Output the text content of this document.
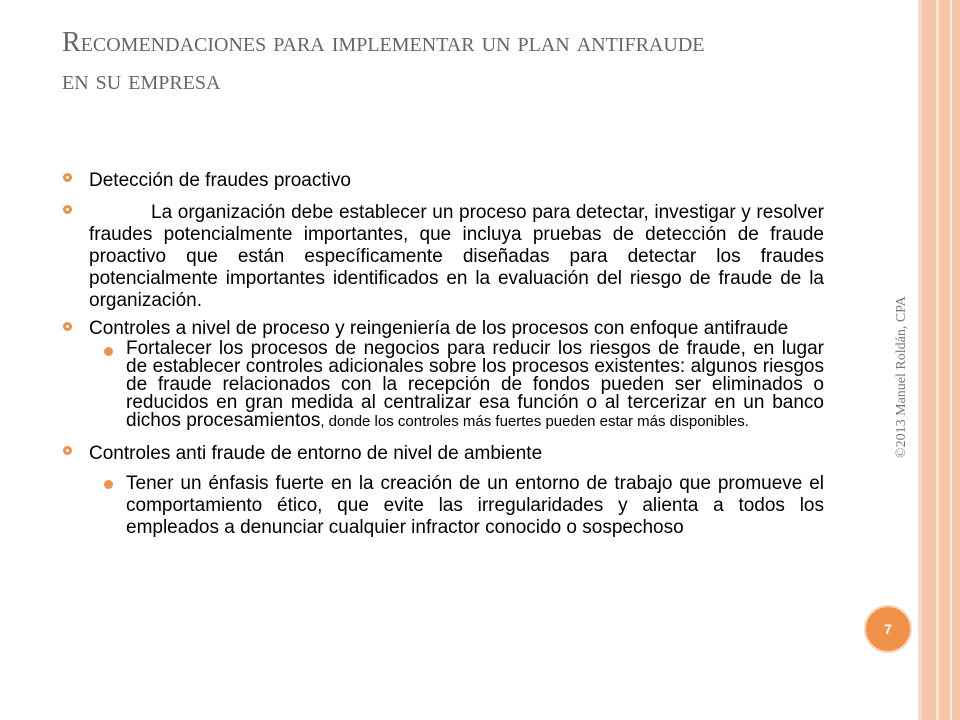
Recomendaciones para implementar un plan antifraude
en su empresa
Detección de fraudes proactivo
La organización debe establecer un proceso para detectar, investigar y resolver fraudes potencialmente importantes, que incluya pruebas de detección de fraude proactivo que están específicamente diseñadas para detectar los fraudes potencialmente importantes identificados en la evaluación del riesgo de fraude de la organización.
Controles a nivel de proceso y reingeniería de los procesos con enfoque antifraude
Fortalecer los procesos de negocios para reducir los riesgos de fraude, en lugar de establecer controles adicionales sobre los procesos existentes: algunos riesgos de fraude relacionados con la recepción de fondos pueden ser eliminados o reducidos en gran medida al centralizar esa función o al tercerizar en un banco dichos procesamientos, donde los controles más fuertes pueden estar más disponibles.
Controles anti fraude de entorno de nivel de ambiente
Tener un énfasis fuerte en la creación de un entorno de trabajo que promueve el comportamiento ético, que evite las irregularidades y alienta a todos los empleados a denunciar cualquier infractor conocido o sospechoso
©2013 Manuel Roldán, CPA
7
